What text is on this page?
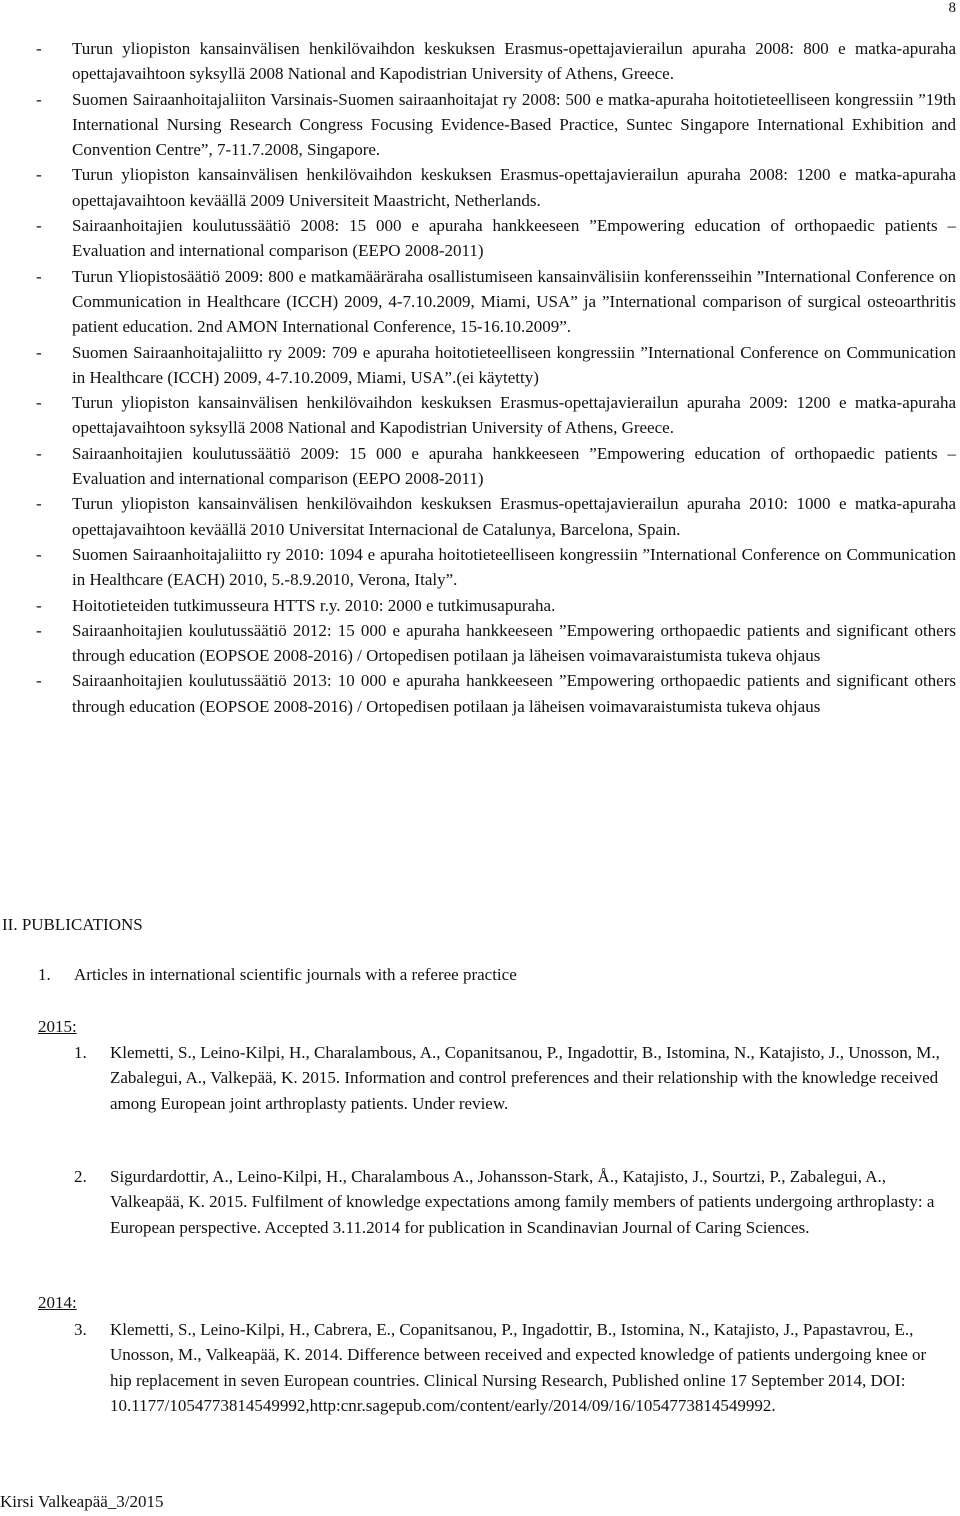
8
- Turun yliopiston kansainvälisen henkilövaihdon keskuksen Erasmus-opettajavierailun apuraha 2008: 800 e matka-apuraha opettajavaihtoon syksyllä 2008 National and Kapodistrian University of Athens, Greece.
- Suomen Sairaanhoitajaliiton Varsinais-Suomen sairaanhoitajat ry 2008: 500 e matka-apuraha hoitotieteelliseen kongressiin ”19th International Nursing Research Congress Focusing Evidence-Based Practice, Suntec Singapore International Exhibition and Convention Centre”, 7-11.7.2008, Singapore.
- Turun yliopiston kansainvälisen henkilövaihdon keskuksen Erasmus-opettajavierailun apuraha 2008: 1200 e matka-apuraha opettajavaihtoon keväällä 2009 Universiteit Maastricht, Netherlands.
- Sairaanhoitajien koulutussäätiö 2008: 15 000 e apuraha hankkeeseen ”Empowering education of orthopaedic patients – Evaluation and international comparison (EEPO 2008-2011)
- Turun Yliopistosäätiö 2009: 800 e matkamääräraha osallistumiseen kansainvälisiin konferensseihin ”International Conference on Communication in Healthcare (ICCH) 2009, 4-7.10.2009, Miami, USA” ja ”International comparison of surgical osteoarthritis patient education. 2nd AMON International Conference, 15-16.10.2009”.
- Suomen Sairaanhoitajaliitto ry 2009: 709 e apuraha hoitotieteelliseen kongressiin ”International Conference on Communication in Healthcare (ICCH) 2009, 4-7.10.2009, Miami, USA”.(ei käytetty)
- Turun yliopiston kansainvälisen henkilövaihdon keskuksen Erasmus-opettajavierailun apuraha 2009: 1200 e matka-apuraha opettajavaihtoon syksyllä 2008 National and Kapodistrian University of Athens, Greece.
- Sairaanhoitajien koulutussäätiö 2009: 15 000 e apuraha hankkeeseen ”Empowering education of orthopaedic patients – Evaluation and international comparison (EEPO 2008-2011)
- Turun yliopiston kansainvälisen henkilövaihdon keskuksen Erasmus-opettajavierailun apuraha 2010: 1000 e matka-apuraha opettajavaihtoon keväällä 2010 Universitat Internacional de Catalunya, Barcelona, Spain.
- Suomen Sairaanhoitajaliitto ry 2010: 1094 e apuraha hoitotieteelliseen kongressiin ”International Conference on Communication in Healthcare (EACH) 2010, 5.-8.9.2010, Verona, Italy”.
- Hoitotieteiden tutkimusseura HTTS r.y. 2010: 2000 e tutkimusapuraha.
- Sairaanhoitajien koulutussäätiö 2012: 15 000 e apuraha hankkeeseen ”Empowering orthopaedic patients and significant others through education (EOPSOE 2008-2016) / Ortopedisen potilaan ja läheisen voimavaraistumista tukeva ohjaus
- Sairaanhoitajien koulutussäätiö 2013: 10 000 e apuraha hankkeeseen ”Empowering orthopaedic patients and significant others through education (EOPSOE 2008-2016) / Ortopedisen potilaan ja läheisen voimavaraistumista tukeva ohjaus
II. PUBLICATIONS
1. Articles in international scientific journals with a referee practice
2015:
1.	Klemetti, S., Leino-Kilpi, H., Charalambous, A., Copanitsanou, P., Ingadottir, B., Istomina, N., Katajisto, J., Unosson, M., Zabalegui, A., Valkepää, K. 2015. Information and control preferences and their relationship with the knowledge received among European joint arthroplasty patients. Under review.
2.	Sigurdardottir, A., Leino-Kilpi, H., Charalambous A., Johansson-Stark, Å., Katajisto, J., Sourtzi, P., Zabalegui, A., Valkeapää, K. 2015. Fulfilment of knowledge expectations among family members of patients undergoing arthroplasty: a European perspective. Accepted 3.11.2014 for publication in Scandinavian Journal of Caring Sciences.
2014:
3.	Klemetti, S., Leino-Kilpi, H., Cabrera, E., Copanitsanou, P., Ingadottir, B., Istomina, N., Katajisto, J., Papastavrou, E., Unosson, M., Valkeapää, K. 2014. Difference between received and expected knowledge of patients undergoing knee or hip replacement in seven European countries. Clinical Nursing Research, Published online 17 September 2014, DOI: 10.1177/1054773814549992,http:cnr.sagepub.com/content/early/2014/09/16/1054773814549992.
Kirsi Valkeapää_3/2015
